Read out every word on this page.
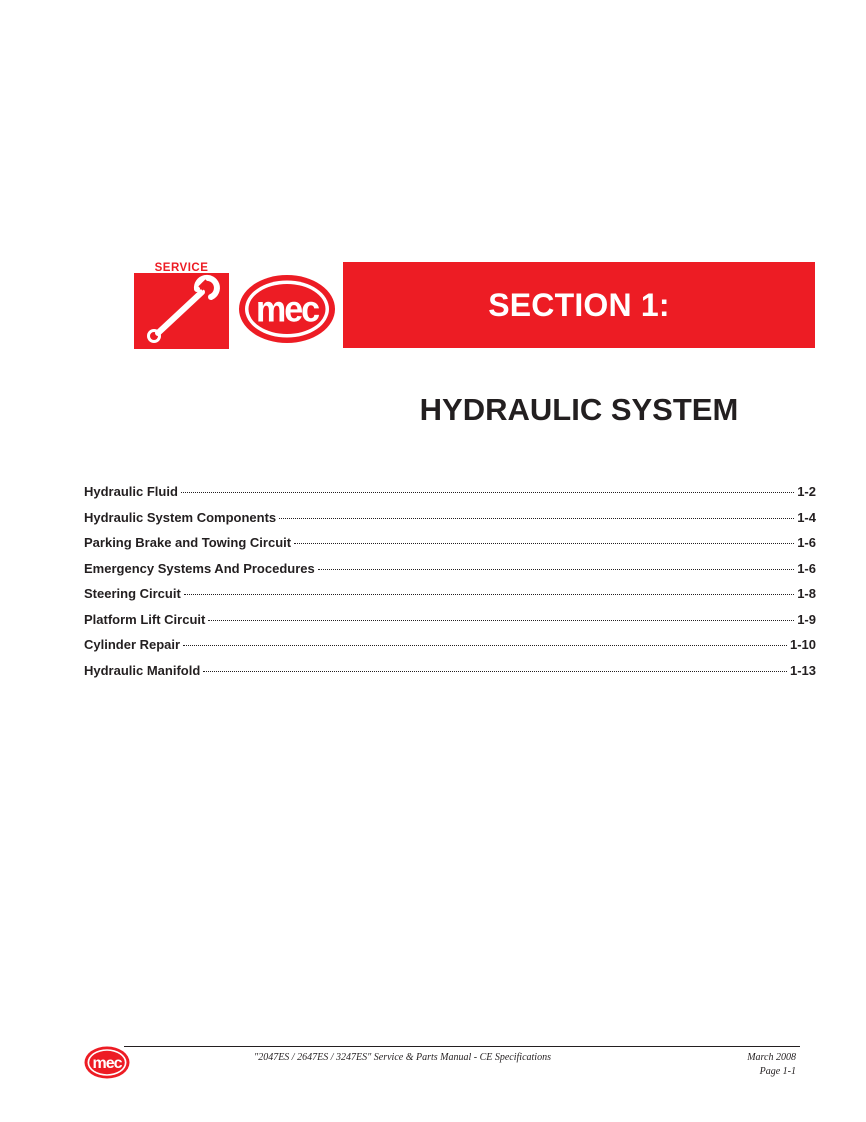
SERVICE
mec	SECTION 1:
HYDRAULIC SYSTEM
Hydraulic Fluid	1-2
Hydraulic System Components	1-4
Parking Brake and Towing Circuit	1-6
Emergency Systems And Procedures	1-6
Steering Circuit	1-8
Platform Lift Circuit	1-9
Cylinder Repair	1-10
Hydraulic Manifold	1-13
mec	"2047ES / 2647ES / 3247ES" Service & Parts Manual - CE Specifications	March 2008
Page 1-1
